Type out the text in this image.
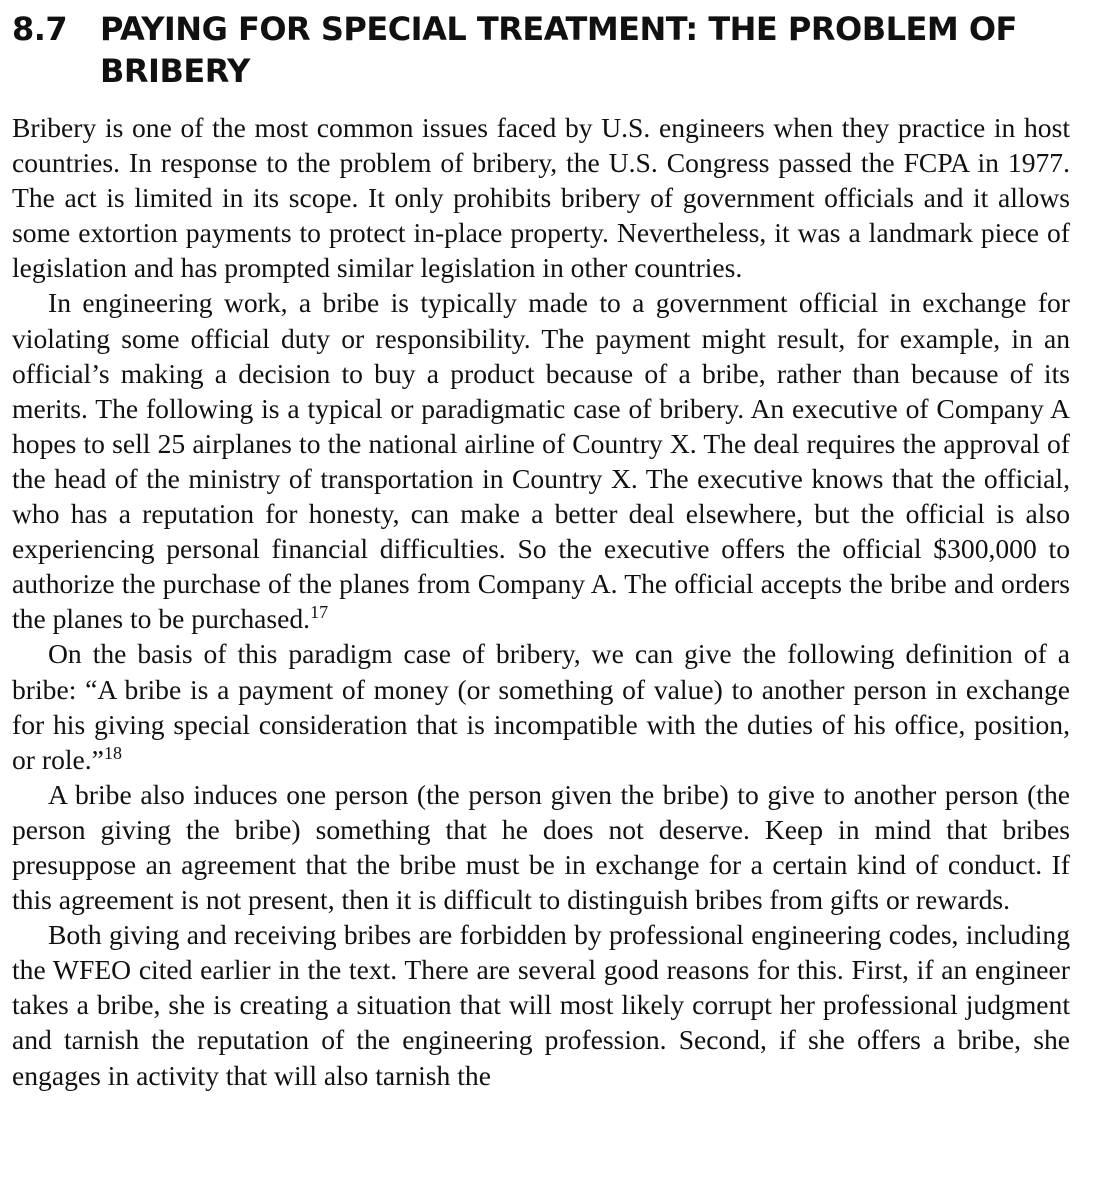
8.7	PAYING FOR SPECIAL TREATMENT: THE PROBLEM OF BRIBERY

Bribery is one of the most common issues faced by U.S. engineers when they practice in host countries. In response to the problem of bribery, the U.S. Congress passed the FCPA in 1977. The act is limited in its scope. It only prohibits bribery of government officials and it allows some extortion payments to protect in-place property. Nevertheless, it was a landmark piece of legislation and has prompted similar legislation in other countries.

In engineering work, a bribe is typically made to a government official in exchange for violating some official duty or responsibility. The payment might result, for example, in an official’s making a decision to buy a product because of a bribe, rather than because of its merits. The following is a typical or paradigmatic case of bribery. An executive of Company A hopes to sell 25 airplanes to the national airline of Country X. The deal requires the approval of the head of the ministry of transportation in Country X. The executive knows that the official, who has a reputation for honesty, can make a better deal elsewhere, but the official is also experiencing personal financial difficulties. So the executive offers the official $300,000 to authorize the purchase of the planes from Company A. The official accepts the bribe and orders the planes to be purchased.$^{17}$

On the basis of this paradigm case of bribery, we can give the following definition of a bribe: “A bribe is a payment of money (or something of value) to another person in exchange for his giving special consideration that is incompatible with the duties of his office, position, or role.”$^{18}$

A bribe also induces one person (the person given the bribe) to give to another person (the person giving the bribe) something that he does not deserve. Keep in mind that bribes presuppose an agreement that the bribe must be in exchange for a certain kind of conduct. If this agreement is not present, then it is difficult to distinguish bribes from gifts or rewards.

Both giving and receiving bribes are forbidden by professional engineering codes, including the WFEO cited earlier in the text. There are several good reasons for this. First, if an engineer takes a bribe, she is creating a situation that will most likely corrupt her professional judgment and tarnish the reputation of the engineering profession. Second, if she offers a bribe, she engages in activity that will also tarnish the
